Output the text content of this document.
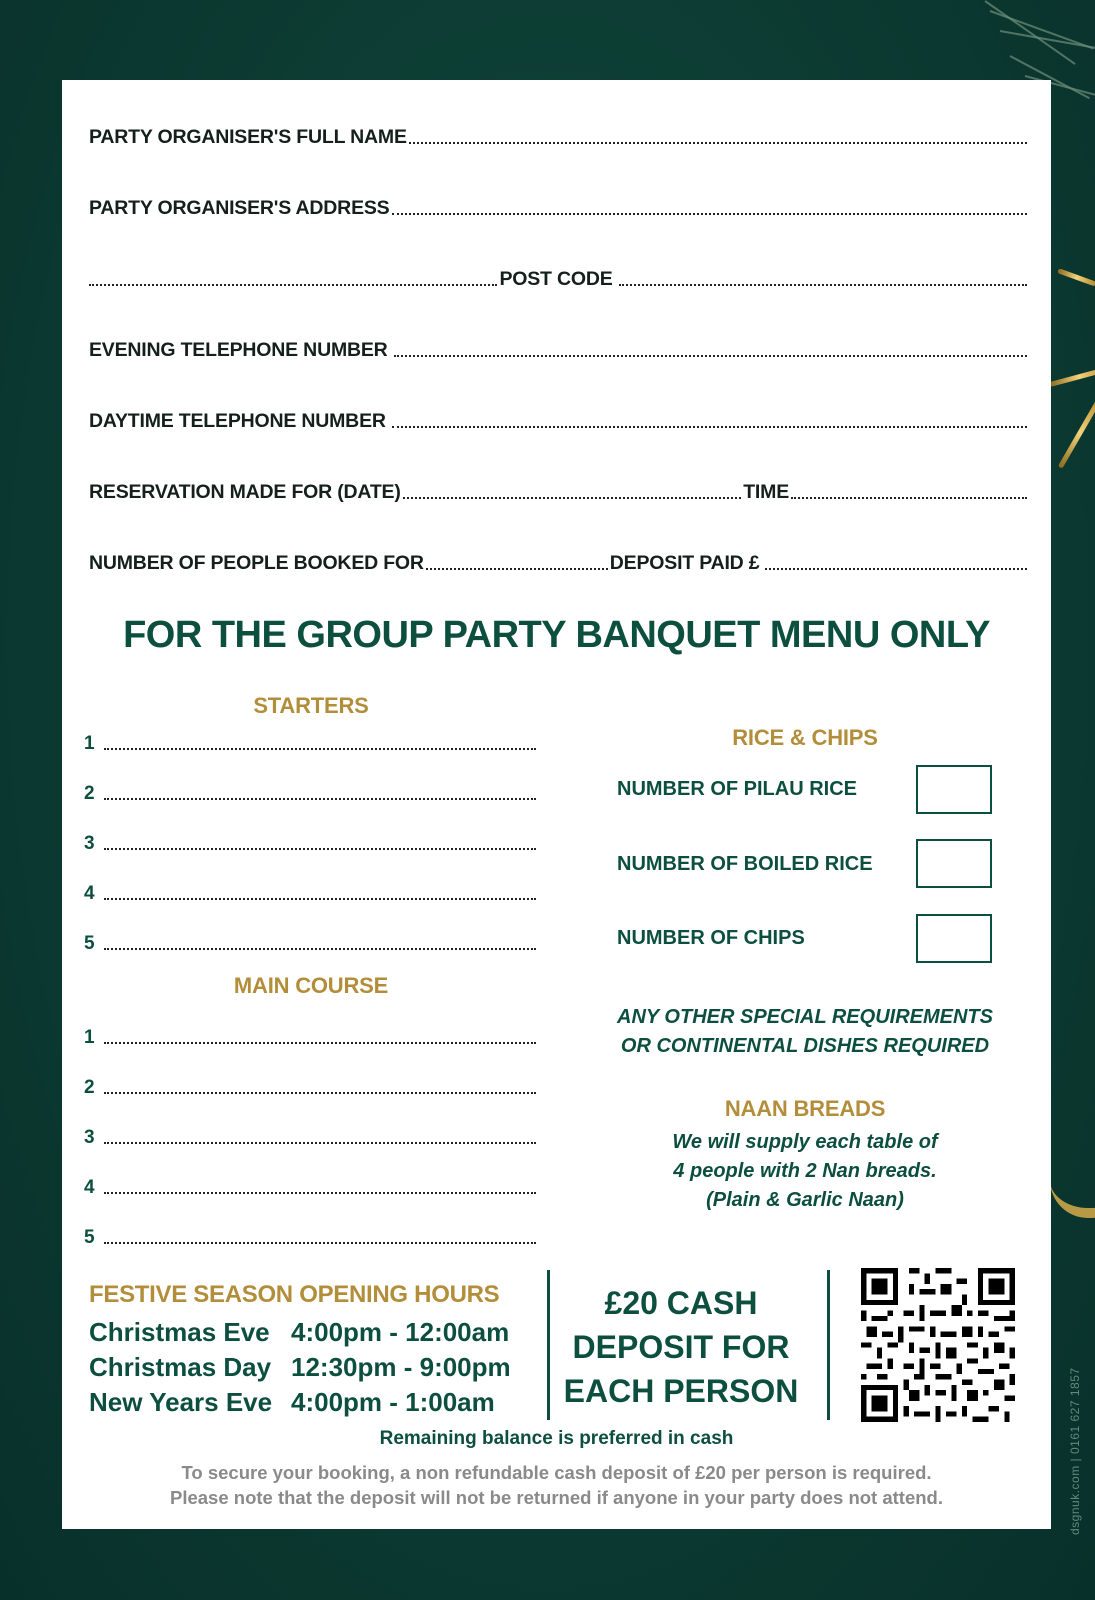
dsgnuk.com | 0161 627 1857
PARTY ORGANISER'S FULL NAME
PARTY ORGANISER'S ADDRESS
POST CODE
EVENING TELEPHONE NUMBER
DAYTIME TELEPHONE NUMBER
RESERVATION MADE FOR (DATE)	TIME
NUMBER OF PEOPLE BOOKED FOR	DEPOSIT PAID £
FOR THE GROUP PARTY BANQUET MENU ONLY
STARTERS
1
2
3
4
5
MAIN COURSE
1
2
3
4
5
RICE & CHIPS
NUMBER OF PILAU RICE
NUMBER OF BOILED RICE
NUMBER OF CHIPS
ANY OTHER SPECIAL REQUIREMENTS
OR CONTINENTAL DISHES REQUIRED
NAAN BREADS
We will supply each table of
4 people with 2 Nan breads.
(Plain & Garlic Naan)
FESTIVE SEASON OPENING HOURS
Christmas Eve 4:00pm - 12:00am
Christmas Day 12:30pm - 9:00pm
New Years Eve 4:00pm - 1:00am
£20 CASH
DEPOSIT FOR
EACH PERSON
Remaining balance is preferred in cash
To secure your booking, a non refundable cash deposit of £20 per person is required.
Please note that the deposit will not be returned if anyone in your party does not attend.
